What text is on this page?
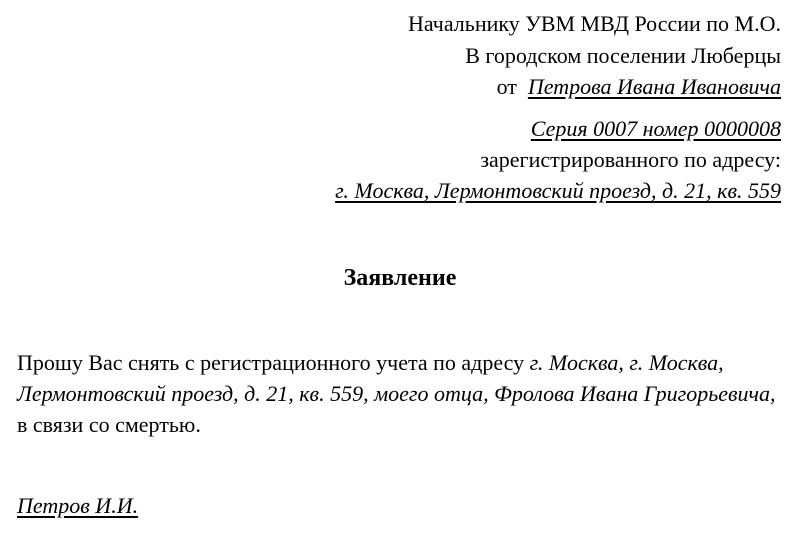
Начальнику УВМ МВД России по М.О.
В городском поселении Люберцы
от Петрова Ивана Ивановича
Серия 0007 номер 0000008
зарегистрированного по адресу:
г. Москва, Лермонтовский проезд, д. 21, кв. 559
Заявление
Прошу Вас снять с регистрационного учета по адресу г. Москва, г. Москва, Лермонтовский проезд, д. 21, кв. 559, моего отца, Фролова Ивана Григорьевича, в связи со смертью.
Петров И.И.
